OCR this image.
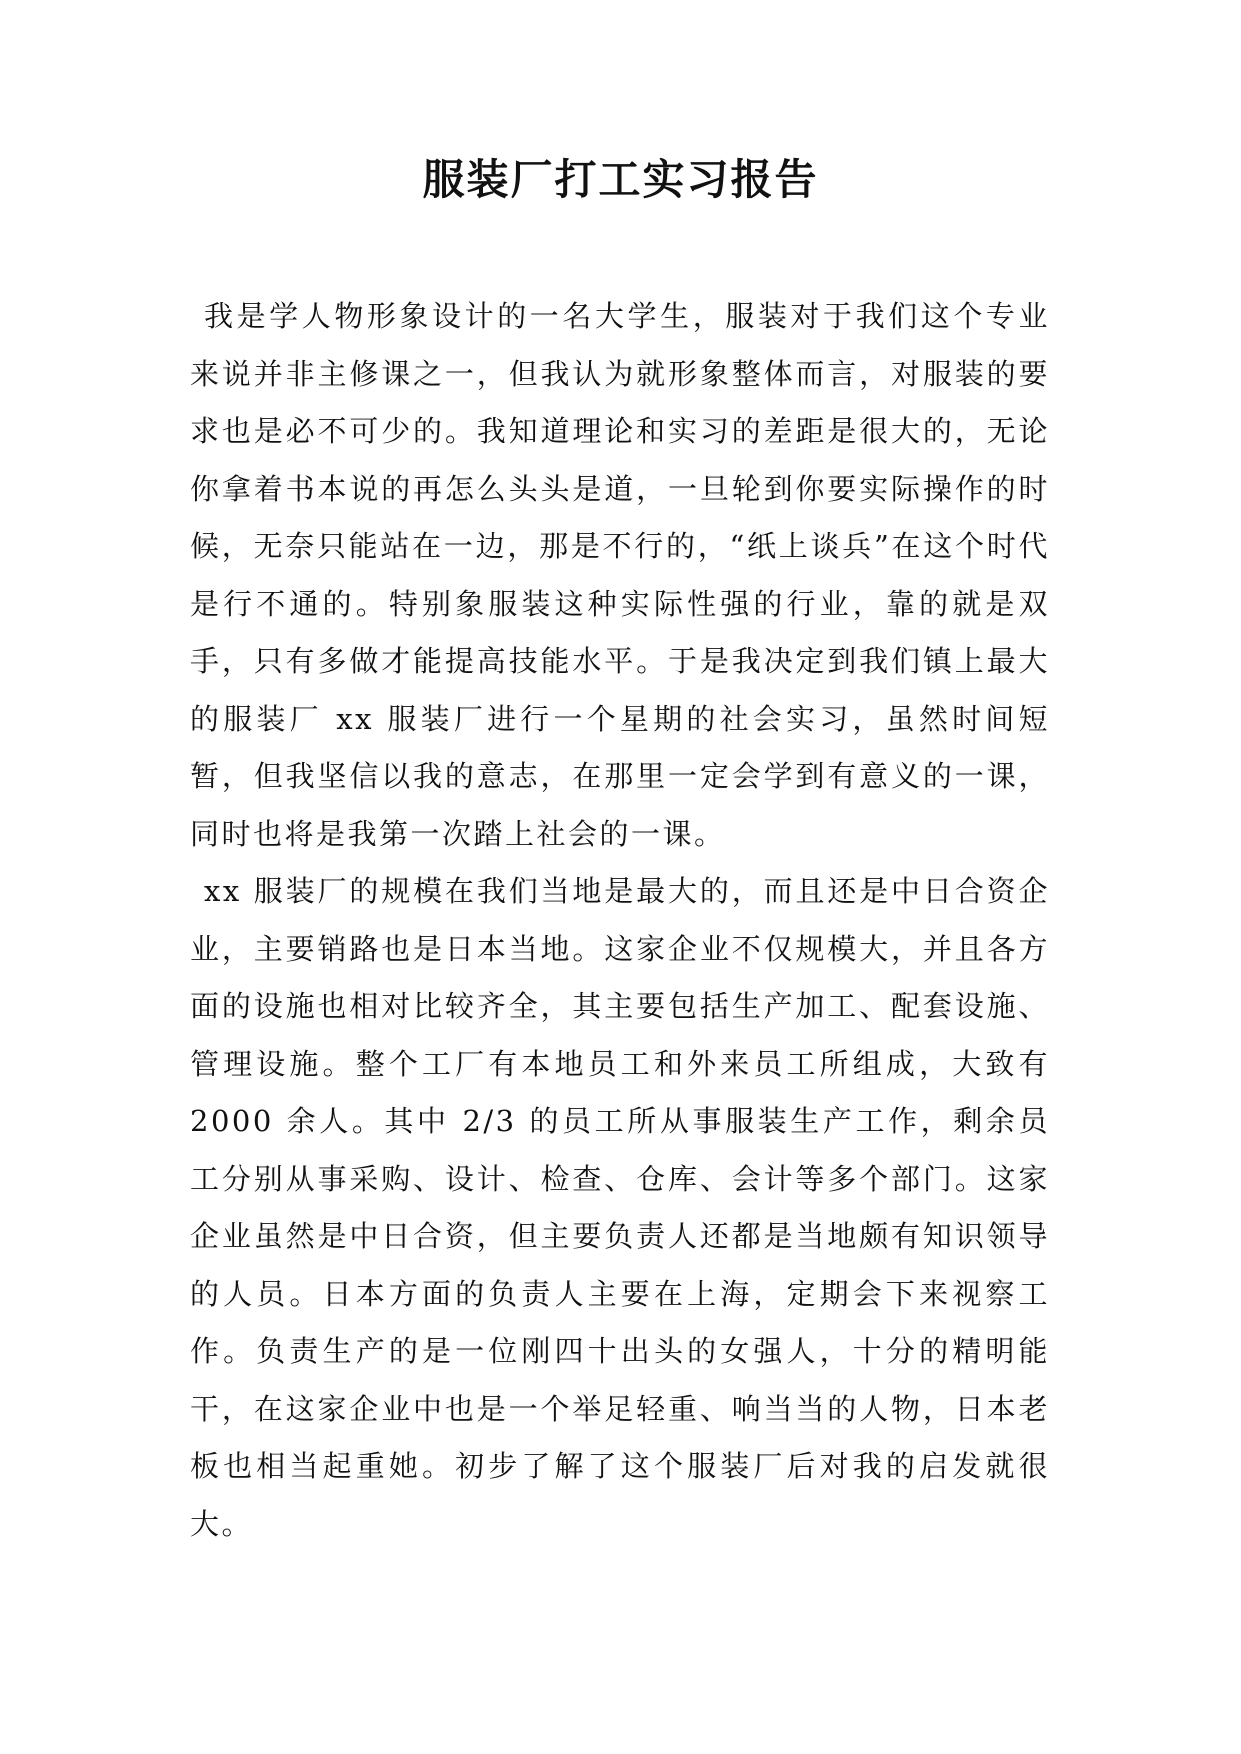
服装厂打工实习报告

我是学人物形象设计的一名大学生，服装对于我们这个专业来说并非主修课之一，但我认为就形象整体而言，对服装的要求也是必不可少的。我知道理论和实习的差距是很大的，无论你拿着书本说的再怎么头头是道，一旦轮到你要实际操作的时候，无奈只能站在一边，那是不行的，“纸上谈兵”在这个时代是行不通的。特别象服装这种实际性强的行业，靠的就是双手，只有多做才能提高技能水平。于是我决定到我们镇上最大的服装厂 xx 服装厂进行一个星期的社会实习，虽然时间短暂，但我坚信以我的意志，在那里一定会学到有意义的一课，同时也将是我第一次踏上社会的一课。

xx 服装厂的规模在我们当地是最大的，而且还是中日合资企业，主要销路也是日本当地。这家企业不仅规模大，并且各方面的设施也相对比较齐全，其主要包括生产加工、配套设施、管理设施。整个工厂有本地员工和外来员工所组成，大致有 2000 余人。其中 2/3 的员工所从事服装生产工作，剩余员工分别从事采购、设计、检查、仓库、会计等多个部门。这家企业虽然是中日合资，但主要负责人还都是当地颇有知识领导的人员。日本方面的负责人主要在上海，定期会下来视察工作。负责生产的是一位刚四十出头的女强人，十分的精明能干，在这家企业中也是一个举足轻重、响当当的人物，日本老板也相当起重她。初步了解了这个服装厂后对我的启发就很大。
